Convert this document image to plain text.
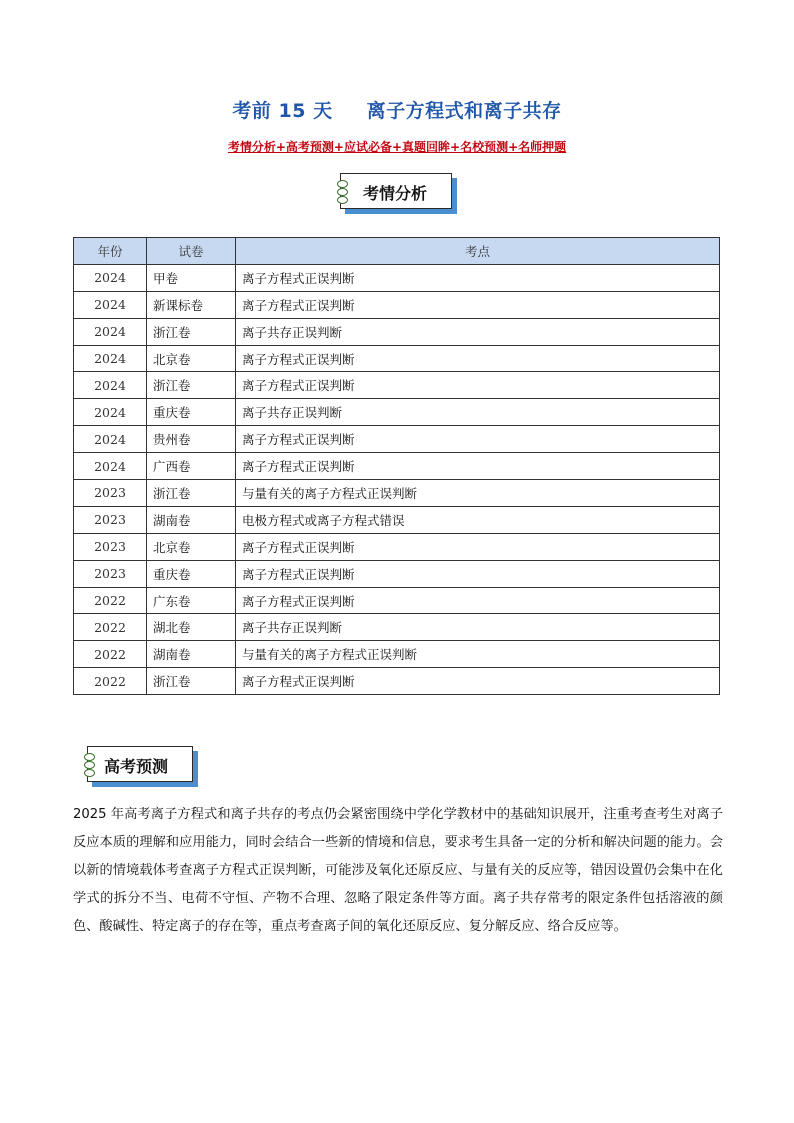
考前 15 天 离子方程式和离子共存
考情分析+高考预测+应试必备+真题回眸+名校预测+名师押题
考情分析
年份	试卷	考点
2024	甲卷	离子方程式正误判断
2024	新课标卷	离子方程式正误判断
2024	浙江卷	离子共存正误判断
2024	北京卷	离子方程式正误判断
2024	浙江卷	离子方程式正误判断
2024	重庆卷	离子共存正误判断
2024	贵州卷	离子方程式正误判断
2024	广西卷	离子方程式正误判断
2023	浙江卷	与量有关的离子方程式正误判断
2023	湖南卷	电极方程式或离子方程式错误
2023	北京卷	离子方程式正误判断
2023	重庆卷	离子方程式正误判断
2022	广东卷	离子方程式正误判断
2022	湖北卷	离子共存正误判断
2022	湖南卷	与量有关的离子方程式正误判断
2022	浙江卷	离子方程式正误判断
高考预测
2025 年高考离子方程式和离子共存的考点仍会紧密围绕中学化学教材中的基础知识展开，注重考查考生对离子反应本质的理解和应用能力，同时会结合一些新的情境和信息，要求考生具备一定的分析和解决问题的能力。会以新的情境载体考查离子方程式正误判断，可能涉及氧化还原反应、与量有关的反应等，错因设置仍会集中在化学式的拆分不当、电荷不守恒、产物不合理、忽略了限定条件等方面。离子共存常考的限定条件包括溶液的颜色、酸碱性、特定离子的存在等，重点考查离子间的氧化还原反应、复分解反应、络合反应等。
